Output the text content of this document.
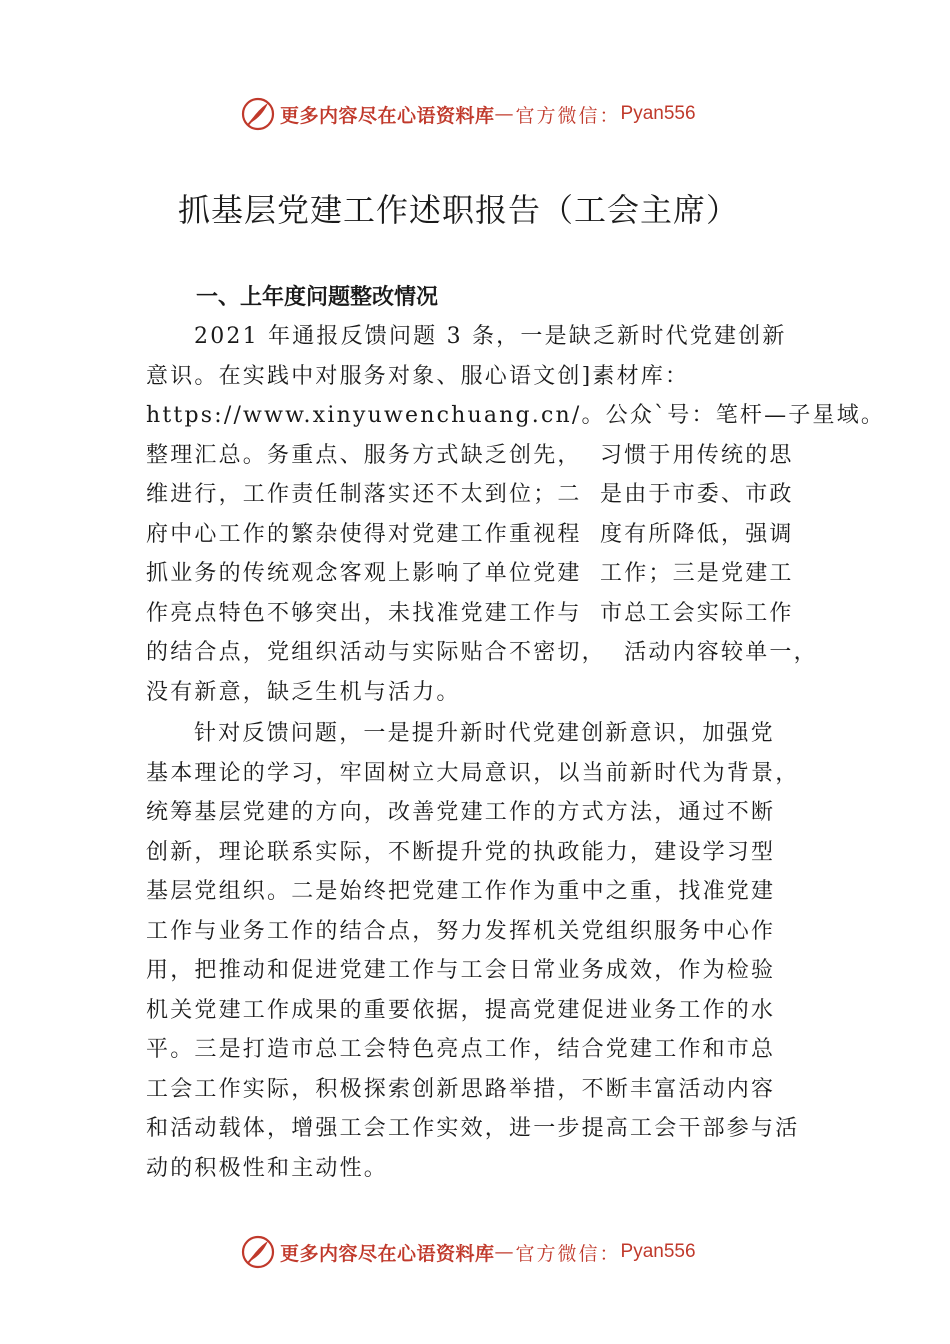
更多内容尽在心语资料库 — 官方微信： Pyan556
抓基层党建工作述职报告（工会主席）
一、上年度问题整改情况
2021 年通报反馈问题 3 条，一是缺乏新时代党建创新
意识。在实践中对服务对象、服心语文创]素材库：
https://www.xinyuwenchuang.cn/。公众`号：笔杆—子星域。
整理汇总。务重点、服务方式缺乏创先，  习惯于用传统的思
维进行，工作责任制落实还不太到位；二  是由于市委、市政
府中心工作的繁杂使得对党建工作重视程  度有所降低，强调
抓业务的传统观念客观上影响了单位党建  工作；三是党建工
作亮点特色不够突出，未找准党建工作与  市总工会实际工作
的结合点，党组织活动与实际贴合不密切，  活动内容较单一，
没有新意，缺乏生机与活力。
针对反馈问题，一是提升新时代党建创新意识，加强党
基本理论的学习，牢固树立大局意识，以当前新时代为背景，
统筹基层党建的方向，改善党建工作的方式方法，通过不断
创新，理论联系实际，不断提升党的执政能力，建设学习型
基层党组织。二是始终把党建工作作为重中之重，找准党建
工作与业务工作的结合点，努力发挥机关党组织服务中心作
用，把推动和促进党建工作与工会日常业务成效，作为检验
机关党建工作成果的重要依据，提高党建促进业务工作的水
平。三是打造市总工会特色亮点工作，结合党建工作和市总
工会工作实际，积极探索创新思路举措，不断丰富活动内容
和活动载体，增强工会工作实效，进一步提高工会干部参与活
动的积极性和主动性。
更多内容尽在心语资料库 — 官方微信： Pyan556
